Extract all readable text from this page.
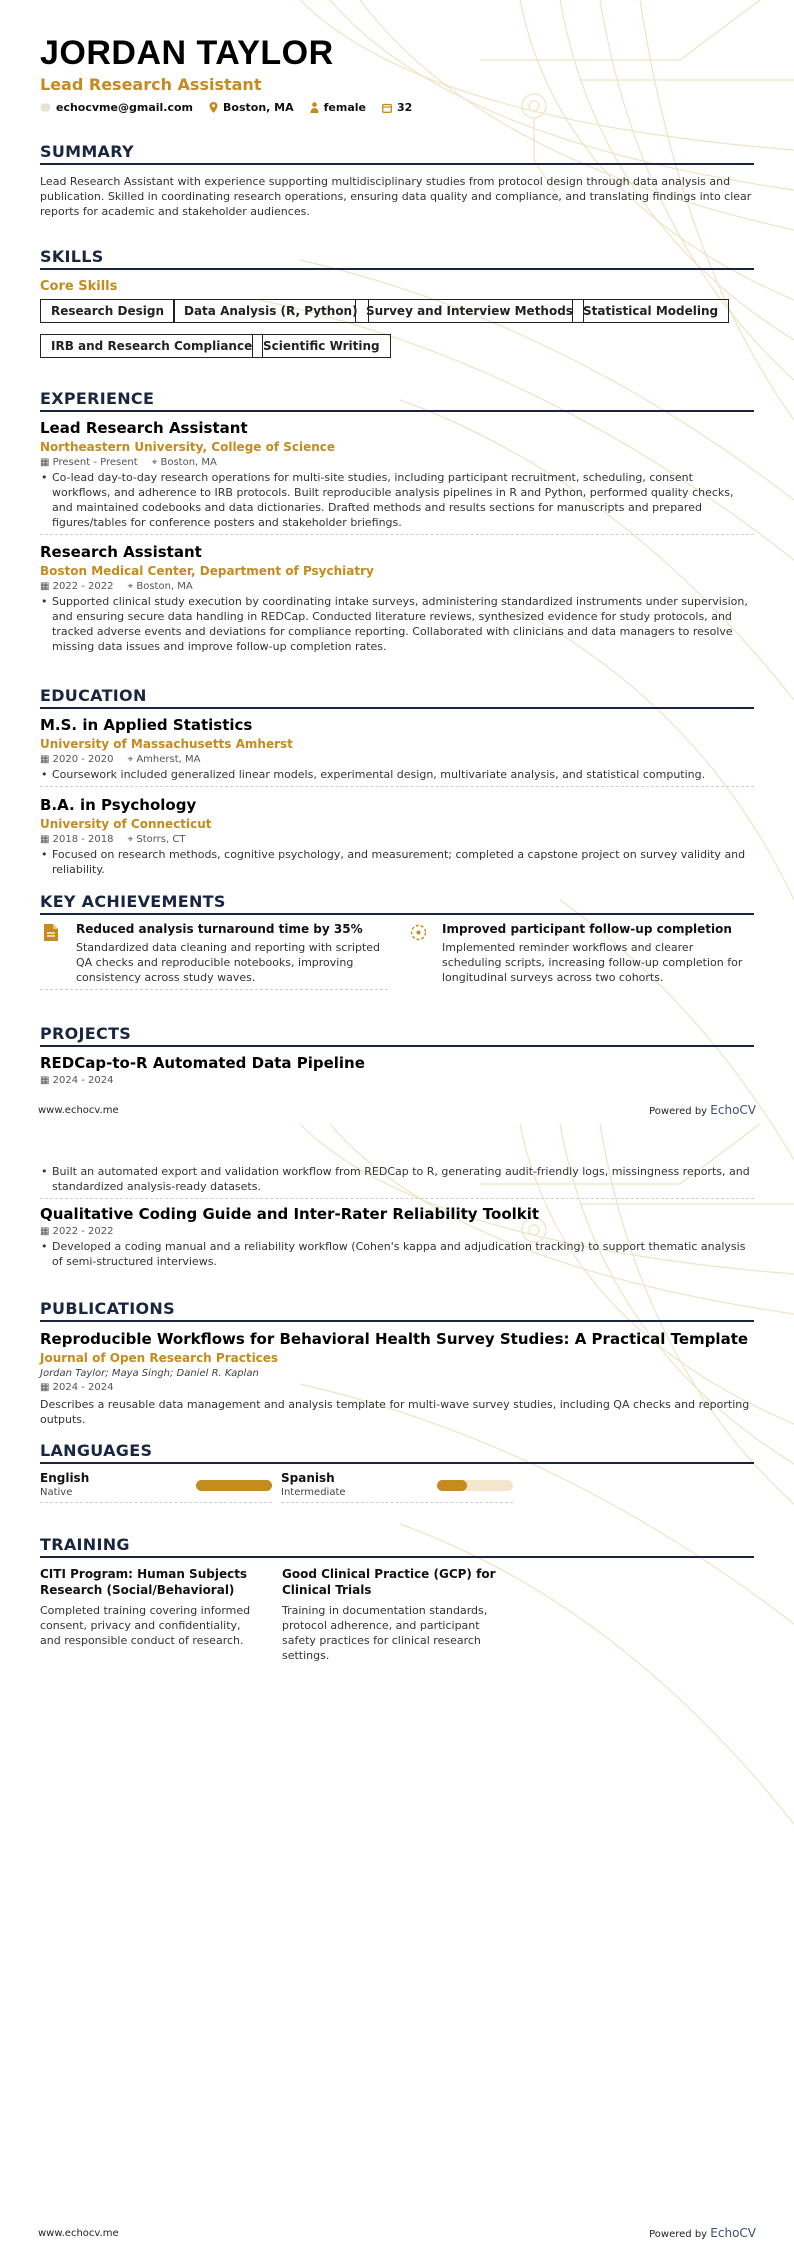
JORDAN TAYLOR
Lead Research Assistant
echocvme@gmail.com	Boston, MA	female	32
SUMMARY
Lead Research Assistant with experience supporting multidisciplinary studies from protocol design through data analysis and publication. Skilled in coordinating research operations, ensuring data quality and compliance, and translating findings into clear reports for academic and stakeholder audiences.
SKILLS
Core Skills
Research Design	Data Analysis (R, Python) Survey and Interview Methods Statistical Modeling
IRB and Research Compliance Scientific Writing
EXPERIENCE
Lead Research Assistant
Northeastern University, College of Science
▦ Present - Present ⌖ Boston, MA
• Co-lead day-to-day research operations for multi-site studies, including participant recruitment, scheduling, consent workflows, and adherence to IRB protocols. Built reproducible analysis pipelines in R and Python, performed quality checks, and maintained codebooks and data dictionaries. Drafted methods and results sections for manuscripts and prepared figures/tables for conference posters and stakeholder briefings.
Research Assistant
Boston Medical Center, Department of Psychiatry
▦ 2022 - 2022 ⌖ Boston, MA
• Supported clinical study execution by coordinating intake surveys, administering standardized instruments under supervision, and ensuring secure data handling in REDCap. Conducted literature reviews, synthesized evidence for study protocols, and tracked adverse events and deviations for compliance reporting. Collaborated with clinicians and data managers to resolve missing data issues and improve follow-up completion rates.
EDUCATION
M.S. in Applied Statistics
University of Massachusetts Amherst
▦ 2020 - 2020 ⌖ Amherst, MA
• Coursework included generalized linear models, experimental design, multivariate analysis, and statistical computing.
B.A. in Psychology
University of Connecticut
▦ 2018 - 2018 ⌖ Storrs, CT
• Focused on research methods, cognitive psychology, and measurement; completed a capstone project on survey validity and reliability.
KEY ACHIEVEMENTS
Reduced analysis turnaround time by 35%
Standardized data cleaning and reporting with scripted QA checks and reproducible notebooks, improving consistency across study waves.
Improved participant follow-up completion
Implemented reminder workflows and clearer scheduling scripts, increasing follow-up completion for longitudinal surveys across two cohorts.
PROJECTS
REDCap-to-R Automated Data Pipeline
▦ 2024 - 2024
www.echocv.me	Powered by EchoCV
• Built an automated export and validation workflow from REDCap to R, generating audit-friendly logs, missingness reports, and standardized analysis-ready datasets.
Qualitative Coding Guide and Inter-Rater Reliability Toolkit
▦ 2022 - 2022
• Developed a coding manual and a reliability workflow (Cohen's kappa and adjudication tracking) to support thematic analysis of semi-structured interviews.
PUBLICATIONS
Reproducible Workflows for Behavioral Health Survey Studies: A Practical Template
Journal of Open Research Practices
Jordan Taylor; Maya Singh; Daniel R. Kaplan
▦ 2024 - 2024
Describes a reusable data management and analysis template for multi-wave survey studies, including QA checks and reporting outputs.
LANGUAGES
English
Native
Spanish
Intermediate
TRAINING
CITI Program: Human Subjects Research (Social/Behavioral)
Completed training covering informed consent, privacy and confidentiality, and responsible conduct of research.
Good Clinical Practice (GCP) for Clinical Trials
Training in documentation standards, protocol adherence, and participant safety practices for clinical research settings.
www.echocv.me	Powered by EchoCV
